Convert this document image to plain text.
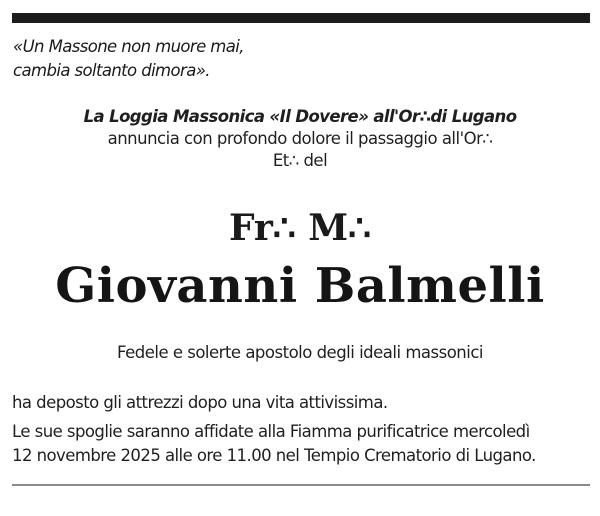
«Un Massone non muore mai,
cambia soltanto dimora».
La Loggia Massonica «Il Dovere» all'Or∴di Lugano
annuncia con profondo dolore il passaggio all'Or∴
Et∴ del
Fr∴ M∴
Giovanni Balmelli
Fedele e solerte apostolo degli ideali massonici
ha deposto gli attrezzi dopo una vita attivissima.
Le sue spoglie saranno affidate alla Fiamma purificatrice mercoledì
12 novembre 2025 alle ore 11.00 nel Tempio Crematorio di Lugano.
